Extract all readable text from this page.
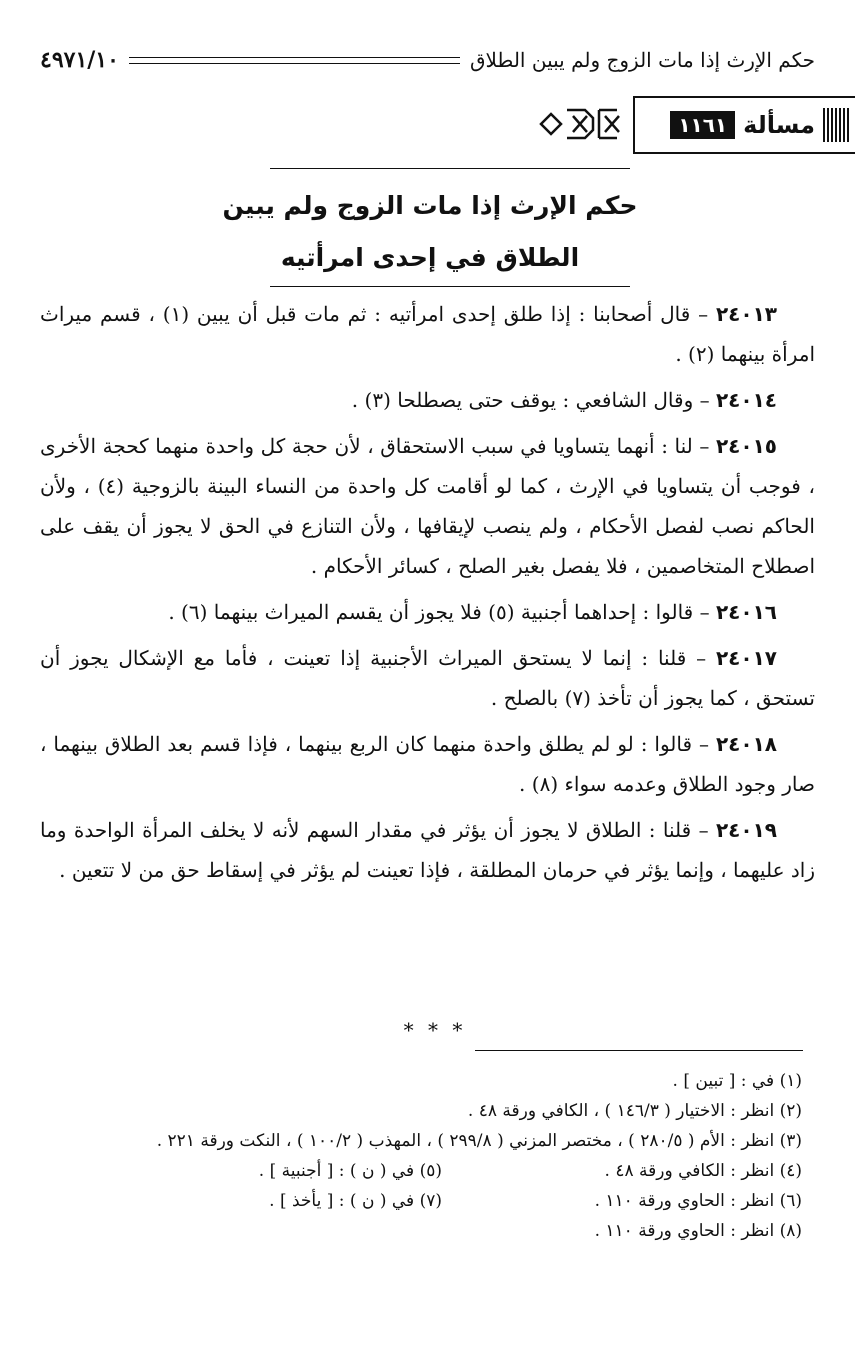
حكم الإرث إذا مات الزوج ولم يبين الطلاق
٤٩٧١/١٠
مسألة
١١٦١
حكم الإرث إذا مات الزوج ولم يبين
الطلاق في إحدى امرأتيه

٢٤٠١٣ – قال أصحابنا : إذا طلق إحدى امرأتيه : ثم مات قبل أن يبين (١) ، قسم ميراث امرأة بينهما (٢) .

٢٤٠١٤ – وقال الشافعي : يوقف حتى يصطلحا (٣) .

٢٤٠١٥ – لنا : أنهما يتساويا في سبب الاستحقاق ، لأن حجة كل واحدة منهما كحجة الأخرى ، فوجب أن يتساويا في الإرث ، كما لو أقامت كل واحدة من النساء البينة بالزوجية (٤) ، ولأن الحاكم نصب لفصل الأحكام ، ولم ينصب لإيقافها ، ولأن التنازع في الحق لا يجوز أن يقف على اصطلاح المتخاصمين ، فلا يفصل بغير الصلح ، كسائر الأحكام .

٢٤٠١٦ – قالوا : إحداهما أجنبية (٥) فلا يجوز أن يقسم الميراث بينهما (٦) .

٢٤٠١٧ – قلنا : إنما لا يستحق الميراث الأجنبية إذا تعينت ، فأما مع الإشكال يجوز أن تستحق ، كما يجوز أن تأخذ (٧) بالصلح .

٢٤٠١٨ – قالوا : لو لم يطلق واحدة منهما كان الربع بينهما ، فإذا قسم بعد الطلاق بينهما ، صار وجود الطلاق وعدمه سواء (٨) .

٢٤٠١٩ – قلنا : الطلاق لا يجوز أن يؤثر في مقدار السهم لأنه لا يخلف المرأة الواحدة وما زاد عليهما ، وإنما يؤثر في حرمان المطلقة ، فإذا تعينت لم يؤثر في إسقاط حق من لا تتعين .

* * *
(١) في : [ تبين ] .
(٢) انظر : الاختيار ( ١٤٦/٣ ) ، الكافي ورقة ٤٨ .
(٣) انظر : الأم ( ٢٨٠/٥ ) ، مختصر المزني ( ٢٩٩/٨ ) ، المهذب ( ١٠٠/٢ ) ، النكت ورقة ٢٢١ .
(٤) انظر : الكافي ورقة ٤٨ .
(٥) في ( ن ) : [ أجنبية ] .
(٦) انظر : الحاوي ورقة ١١٠ .
(٧) في ( ن ) : [ يأخذ ] .
(٨) انظر : الحاوي ورقة ١١٠ .
